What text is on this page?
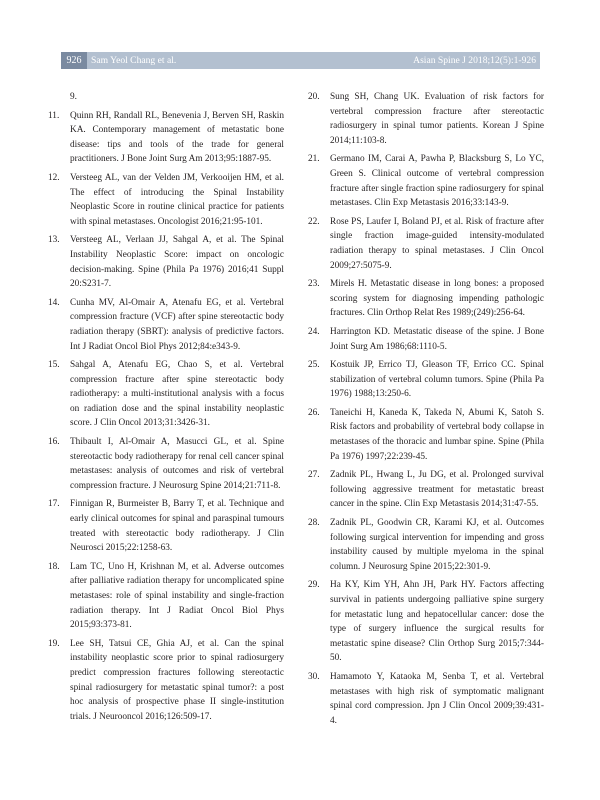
926 Sam Yeol Chang et al.	Asian Spine J 2018;12(5):1-926
9.
11. Quinn RH, Randall RL, Benevenia J, Berven SH, Raskin KA. Contemporary management of metastatic bone disease: tips and tools of the trade for general practitioners. J Bone Joint Surg Am 2013;95:1887-95.
12. Versteeg AL, van der Velden JM, Verkooijen HM, et al. The effect of introducing the Spinal Instability Neoplastic Score in routine clinical practice for patients with spinal metastases. Oncologist 2016;21:95-101.
13. Versteeg AL, Verlaan JJ, Sahgal A, et al. The Spinal Instability Neoplastic Score: impact on oncologic decision-making. Spine (Phila Pa 1976) 2016;41 Suppl 20:S231-7.
14. Cunha MV, Al-Omair A, Atenafu EG, et al. Vertebral compression fracture (VCF) after spine stereotactic body radiation therapy (SBRT): analysis of predictive factors. Int J Radiat Oncol Biol Phys 2012;84:e343-9.
15. Sahgal A, Atenafu EG, Chao S, et al. Vertebral compression fracture after spine stereotactic body radiotherapy: a multi-institutional analysis with a focus on radiation dose and the spinal instability neoplastic score. J Clin Oncol 2013;31:3426-31.
16. Thibault I, Al-Omair A, Masucci GL, et al. Spine stereotactic body radiotherapy for renal cell cancer spinal metastases: analysis of outcomes and risk of vertebral compression fracture. J Neurosurg Spine 2014;21:711-8.
17. Finnigan R, Burmeister B, Barry T, et al. Technique and early clinical outcomes for spinal and paraspinal tumours treated with stereotactic body radiotherapy. J Clin Neurosci 2015;22:1258-63.
18. Lam TC, Uno H, Krishnan M, et al. Adverse outcomes after palliative radiation therapy for uncomplicated spine metastases: role of spinal instability and single-fraction radiation therapy. Int J Radiat Oncol Biol Phys 2015;93:373-81.
19. Lee SH, Tatsui CE, Ghia AJ, et al. Can the spinal instability neoplastic score prior to spinal radiosurgery predict compression fractures following stereotactic spinal radiosurgery for metastatic spinal tumor?: a post hoc analysis of prospective phase II single-institution trials. J Neurooncol 2016;126:509-17.
20. Sung SH, Chang UK. Evaluation of risk factors for vertebral compression fracture after stereotactic radiosurgery in spinal tumor patients. Korean J Spine 2014;11:103-8.
21. Germano IM, Carai A, Pawha P, Blacksburg S, Lo YC, Green S. Clinical outcome of vertebral compression fracture after single fraction spine radiosurgery for spinal metastases. Clin Exp Metastasis 2016;33:143-9.
22. Rose PS, Laufer I, Boland PJ, et al. Risk of fracture after single fraction image-guided intensity-modulated radiation therapy to spinal metastases. J Clin Oncol 2009;27:5075-9.
23. Mirels H. Metastatic disease in long bones: a proposed scoring system for diagnosing impending pathologic fractures. Clin Orthop Relat Res 1989;(249):256-64.
24. Harrington KD. Metastatic disease of the spine. J Bone Joint Surg Am 1986;68:1110-5.
25. Kostuik JP, Errico TJ, Gleason TF, Errico CC. Spinal stabilization of vertebral column tumors. Spine (Phila Pa 1976) 1988;13:250-6.
26. Taneichi H, Kaneda K, Takeda N, Abumi K, Satoh S. Risk factors and probability of vertebral body collapse in metastases of the thoracic and lumbar spine. Spine (Phila Pa 1976) 1997;22:239-45.
27. Zadnik PL, Hwang L, Ju DG, et al. Prolonged survival following aggressive treatment for metastatic breast cancer in the spine. Clin Exp Metastasis 2014;31:47-55.
28. Zadnik PL, Goodwin CR, Karami KJ, et al. Outcomes following surgical intervention for impending and gross instability caused by multiple myeloma in the spinal column. J Neurosurg Spine 2015;22:301-9.
29. Ha KY, Kim YH, Ahn JH, Park HY. Factors affecting survival in patients undergoing palliative spine surgery for metastatic lung and hepatocellular cancer: dose the type of surgery influence the surgical results for metastatic spine disease? Clin Orthop Surg 2015;7:344-50.
30. Hamamoto Y, Kataoka M, Senba T, et al. Vertebral metastases with high risk of symptomatic malignant spinal cord compression. Jpn J Clin Oncol 2009;39:431-4.
